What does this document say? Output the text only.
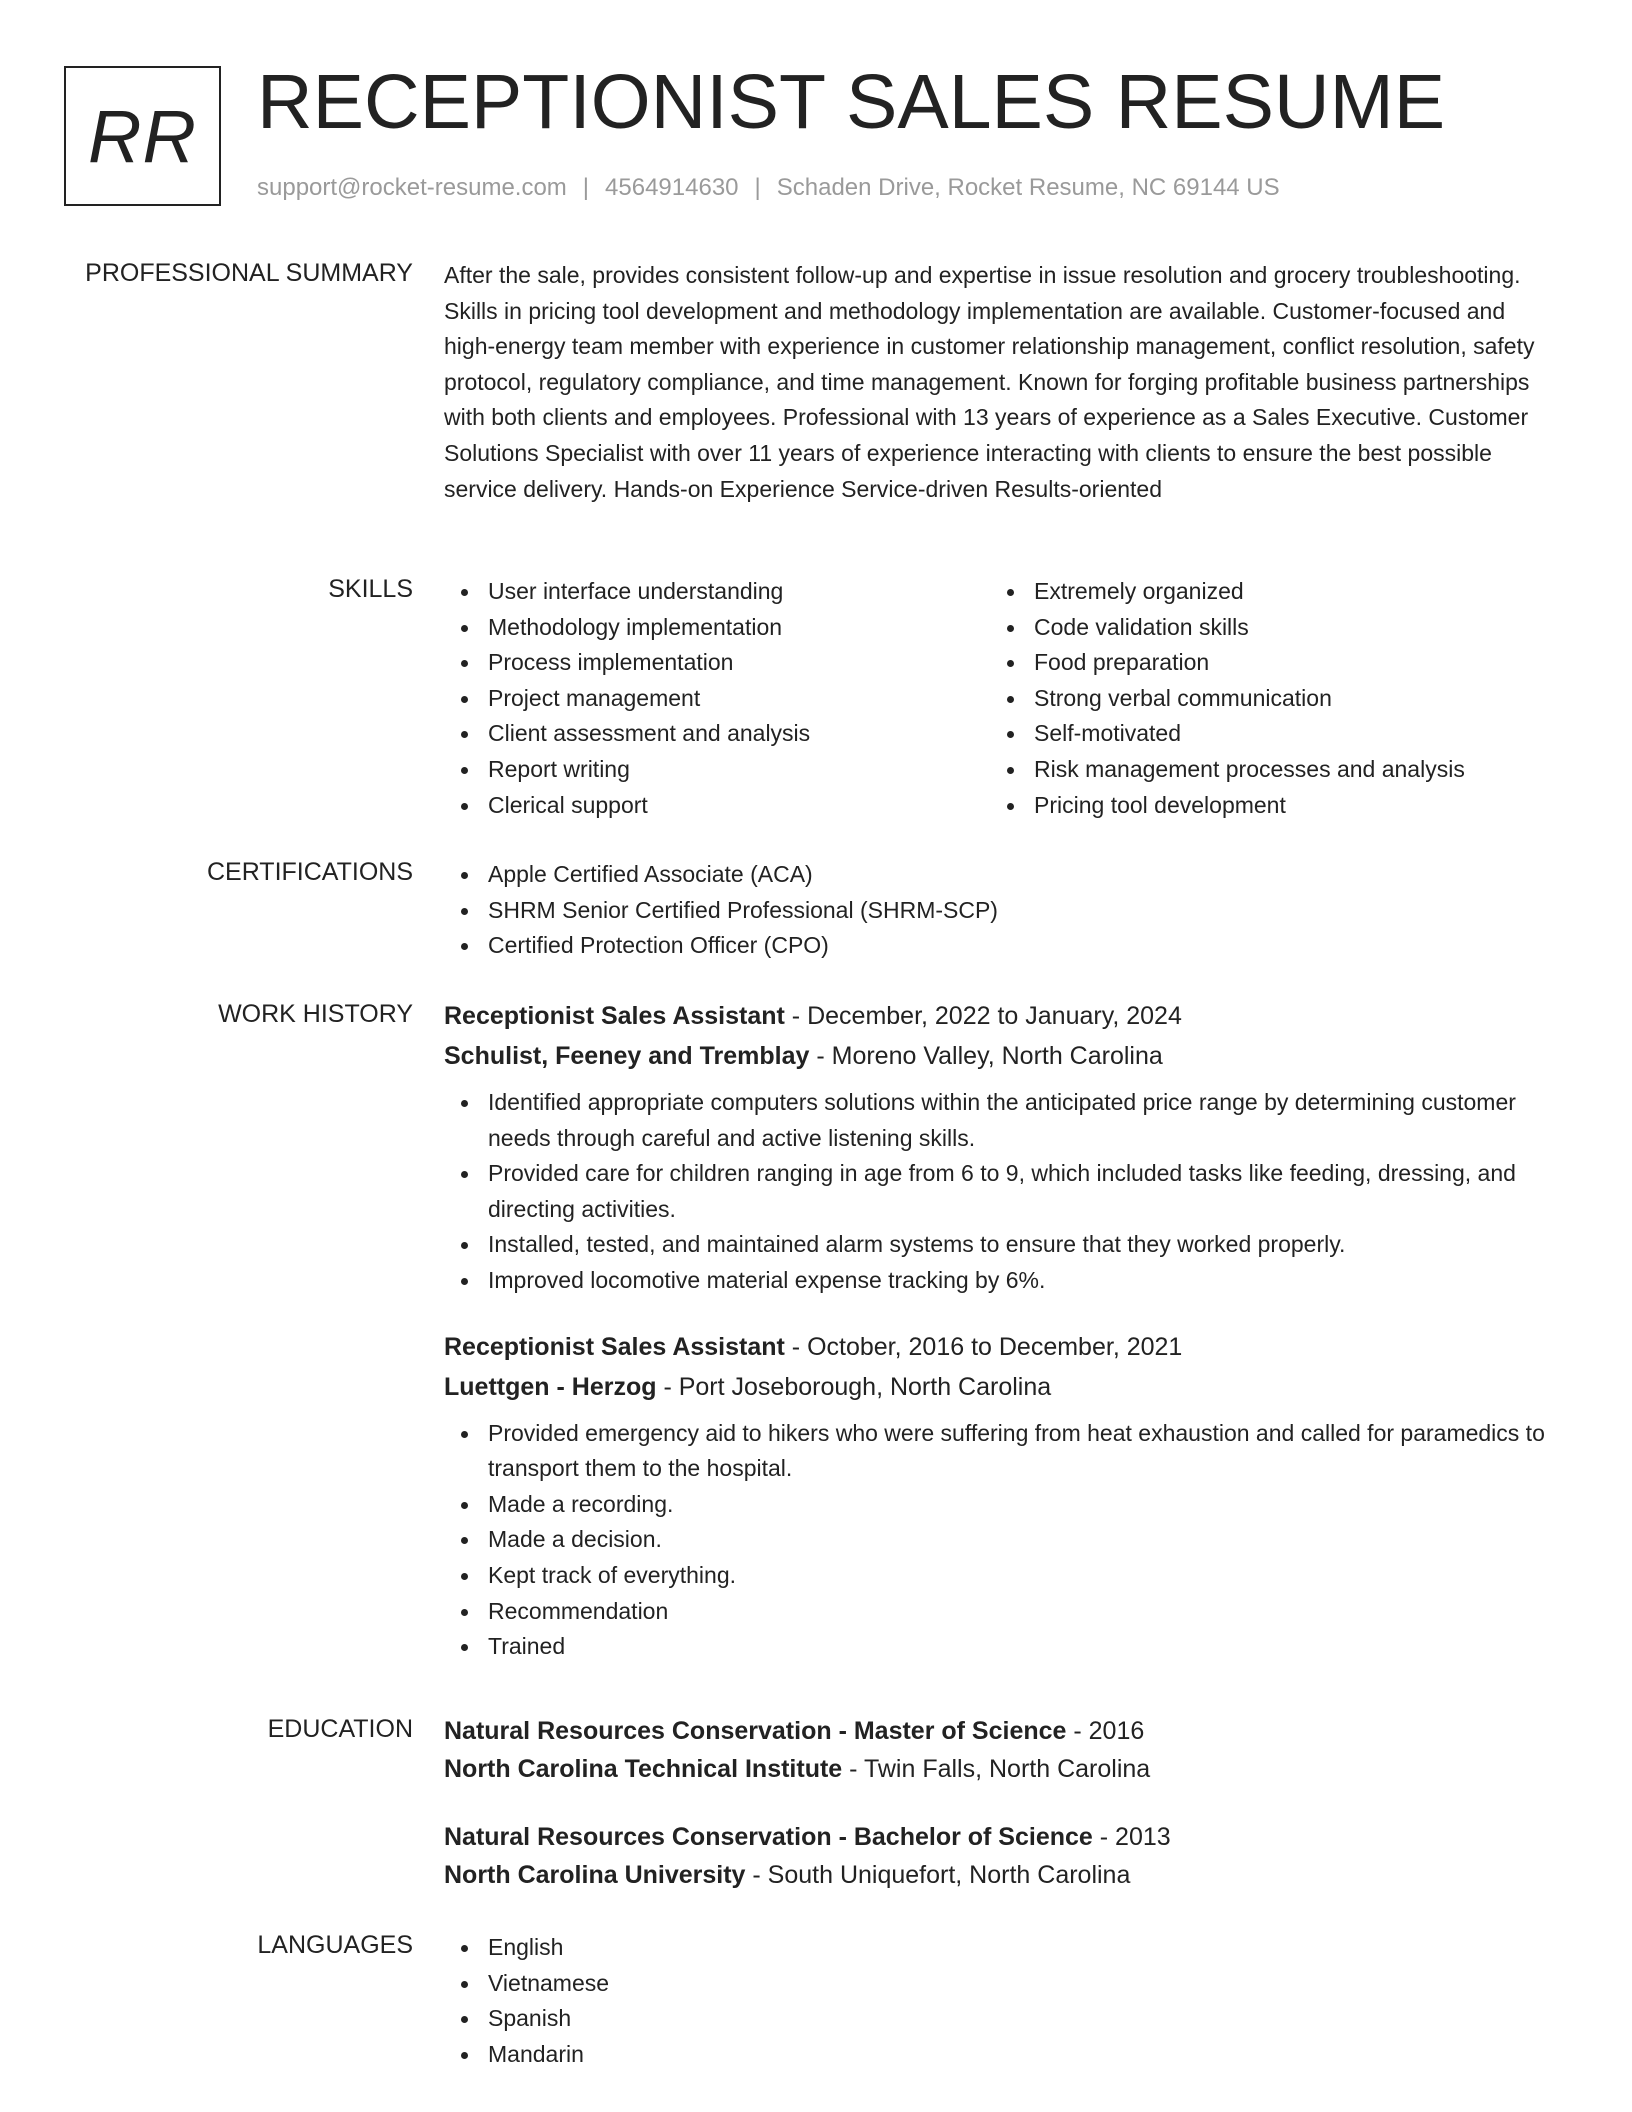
RR RECEPTIONIST SALES RESUME
support@rocket-resume.com | 4564914630 | Schaden Drive, Rocket Resume, NC 69144 US
PROFESSIONAL SUMMARY After the sale, provides consistent follow-up and expertise in issue resolution and grocery troubleshooting. Skills in pricing tool development and methodology implementation are available. Customer-focused and high-energy team member with experience in customer relationship management, conflict resolution, safety protocol, regulatory compliance, and time management. Known for forging profitable business partnerships with both clients and employees. Professional with 13 years of experience as a Sales Executive. Customer Solutions Specialist with over 11 years of experience interacting with clients to ensure the best possible service delivery. Hands-on Experience Service-driven Results-oriented
SKILLS	User interface understanding
Methodology implementation
Process implementation
Project management
Client assessment and analysis
Report writing
Clerical support
Extremely organized
Code validation skills
Food preparation
Strong verbal communication
Self-motivated
Risk management processes and analysis
Pricing tool development
CERTIFICATIONS	Apple Certified Associate (ACA)
SHRM Senior Certified Professional (SHRM-SCP)
Certified Protection Officer (CPO)
WORK HISTORY Receptionist Sales Assistant - December, 2022 to January, 2024
Schulist, Feeney and Tremblay - Moreno Valley, North Carolina
Identified appropriate computers solutions within the anticipated price range by determining customer needs through careful and active listening skills.
Provided care for children ranging in age from 6 to 9, which included tasks like feeding, dressing, and directing activities.
Installed, tested, and maintained alarm systems to ensure that they worked properly.
Improved locomotive material expense tracking by 6%.
Receptionist Sales Assistant - October, 2016 to December, 2021
Luettgen - Herzog - Port Joseborough, North Carolina
Provided emergency aid to hikers who were suffering from heat exhaustion and called for paramedics to transport them to the hospital.
Made a recording.
Made a decision.
Kept track of everything.
Recommendation
Trained
EDUCATION Natural Resources Conservation - Master of Science - 2016
North Carolina Technical Institute - Twin Falls, North Carolina
Natural Resources Conservation - Bachelor of Science - 2013
North Carolina University - South Uniquefort, North Carolina
LANGUAGES	English
Vietnamese
Spanish
Mandarin
